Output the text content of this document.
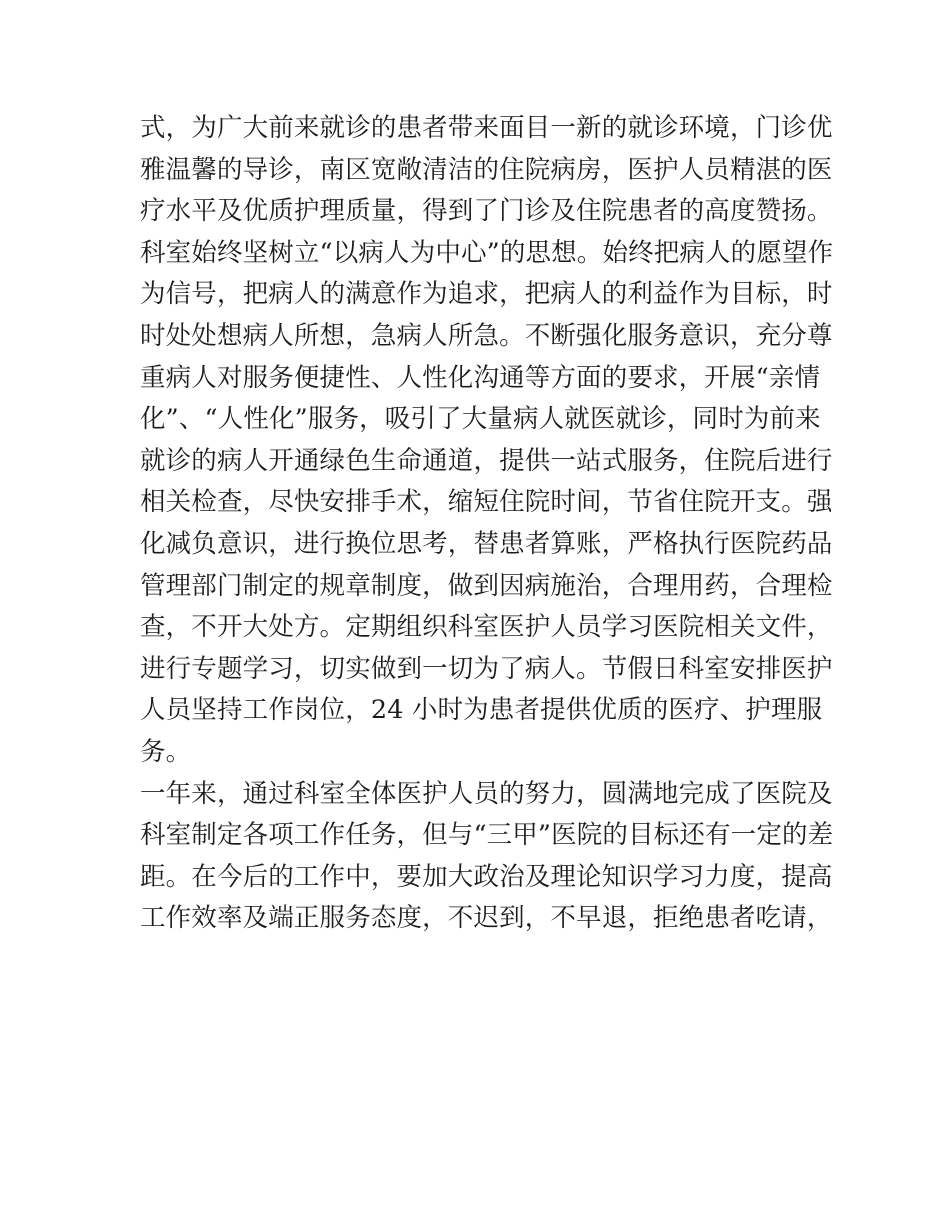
式，为广大前来就诊的患者带来面目一新的就诊环境，门诊优
雅温馨的导诊，南区宽敞清洁的住院病房，医护人员精湛的医
疗水平及优质护理质量，得到了门诊及住院患者的高度赞扬。
科室始终坚树立“以病人为中心”的思想。始终把病人的愿望作
为信号，把病人的满意作为追求，把病人的利益作为目标，时
时处处想病人所想，急病人所急。不断强化服务意识，充分尊
重病人对服务便捷性、人性化沟通等方面的要求，开展“亲情
化”、“人性化”服务，吸引了大量病人就医就诊，同时为前来
就诊的病人开通绿色生命通道，提供一站式服务，住院后进行
相关检查，尽快安排手术，缩短住院时间，节省住院开支。强
化减负意识，进行换位思考，替患者算账，严格执行医院药品
管理部门制定的规章制度，做到因病施治，合理用药，合理检
查，不开大处方。定期组织科室医护人员学习医院相关文件，
进行专题学习，切实做到一切为了病人。节假日科室安排医护
人员坚持工作岗位，24 小时为患者提供优质的医疗、护理服
务。
一年来，通过科室全体医护人员的努力，圆满地完成了医院及
科室制定各项工作任务，但与“三甲”医院的目标还有一定的差
距。在今后的工作中，要加大政治及理论知识学习力度，提高
工作效率及端正服务态度，不迟到，不早退，拒绝患者吃请，
